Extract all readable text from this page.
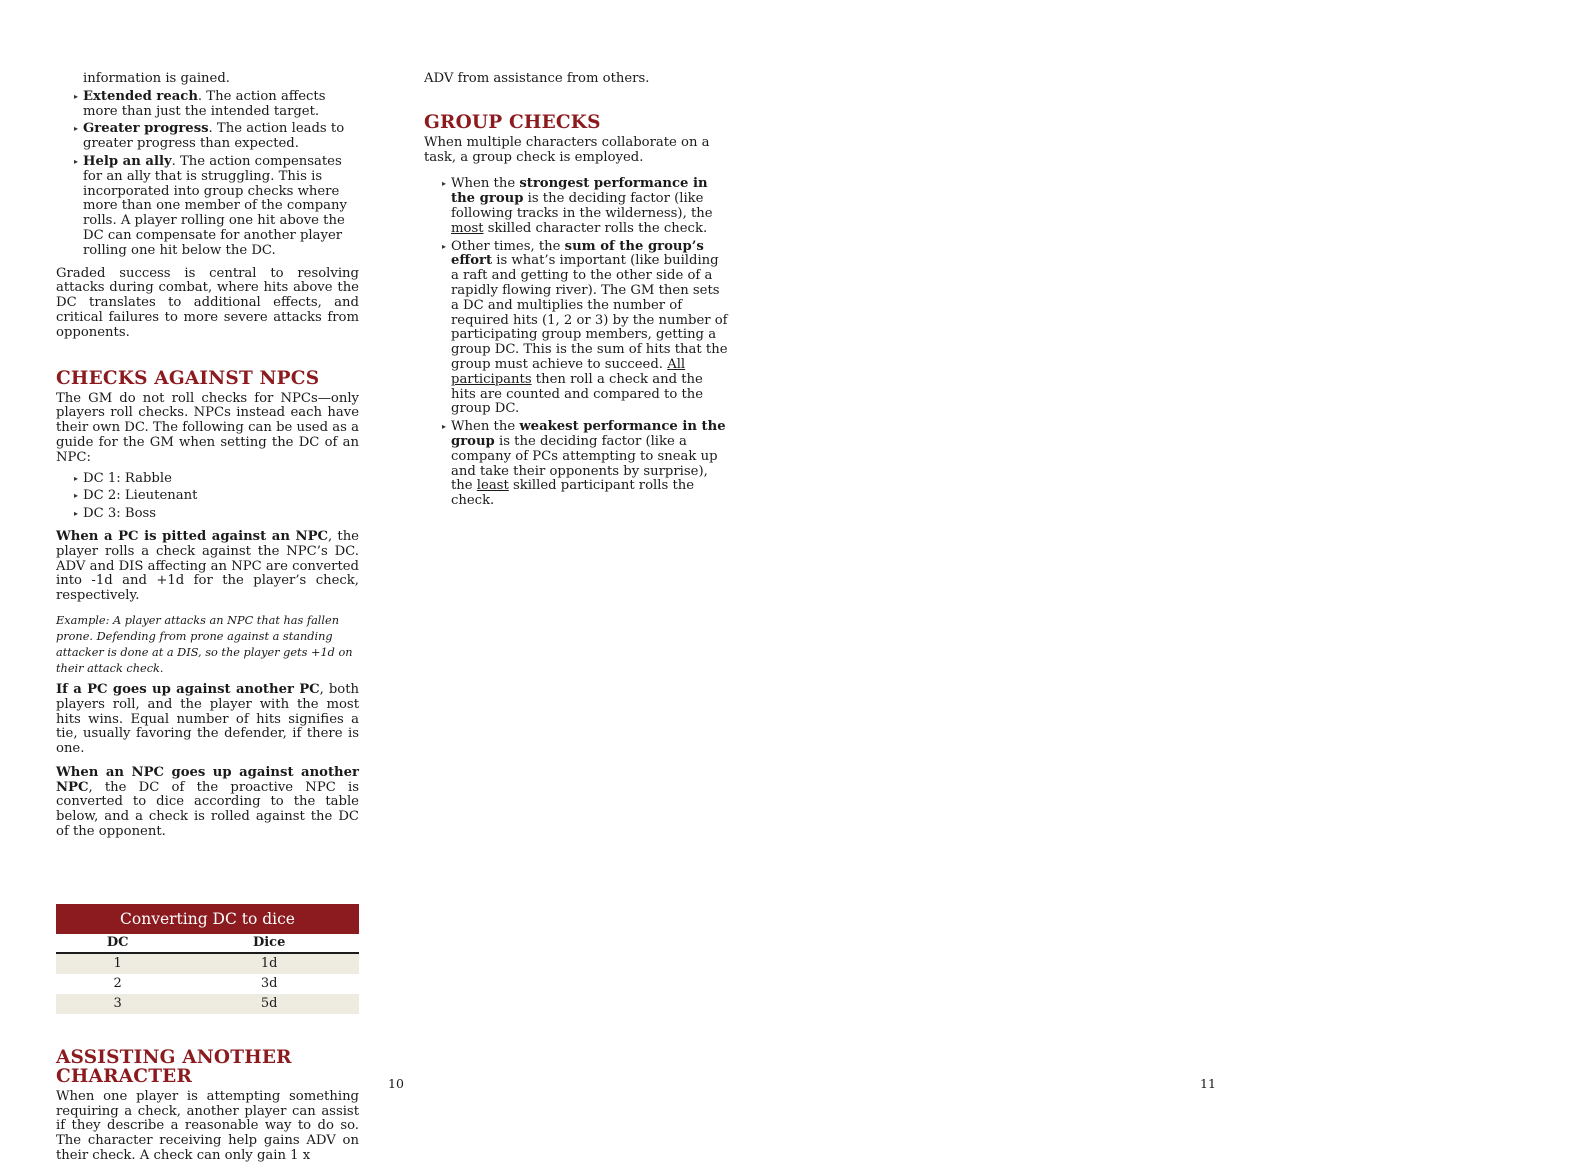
information is gained.
▸ Extended reach. The action affects more than just the intended target.
▸ Greater progress. The action leads to greater progress than expected.
▸ Help an ally. The action compensates for an ally that is struggling. This is incorporated into group checks where more than one member of the company rolls. A player rolling one hit above the DC can compensate for another player rolling one hit below the DC.

Graded success is central to resolving attacks during combat, where hits above the DC translates to additional effects, and critical failures to more severe attacks from opponents.

CHECKS AGAINST NPCS

The GM do not roll checks for NPCs—only players roll checks. NPCs instead each have their own DC. The following can be used as a guide for the GM when setting the DC of an NPC:

▸ DC 1: Rabble
▸ DC 2: Lieutenant
▸ DC 3: Boss

When a PC is pitted against an NPC, the player rolls a check against the NPC’s DC. ADV and DIS affecting an NPC are converted into -1d and +1d for the player’s check, respectively.

Example: A player attacks an NPC that has fallen prone. Defending from prone against a standing attacker is done at a DIS, so the player gets +1d on their attack check.

If a PC goes up against another PC, both players roll, and the player with the most hits wins. Equal number of hits signifies a tie, usually favoring the defender, if there is one.

When an NPC goes up against another NPC, the DC of the proactive NPC is converted to dice according to the table below, and a check is rolled against the DC of the opponent.

Converting DC to dice	
DC	Dice
1	1d
2	3d
3	5d
ASSISTING ANOTHER CHARACTER

When one player is attempting something requiring a check, another player can assist if they describe a reasonable way to do so. The character receiving help gains ADV on their check. A check can only gain 1 x

ADV from assistance from others.

GROUP CHECKS

When multiple characters collaborate on a task, a group check is employed.

▸ When the strongest performance in the group is the deciding factor (like following tracks in the wilderness), the most skilled character rolls the check.
▸ Other times, the sum of the group’s effort is what’s important (like building a raft and getting to the other side of a rapidly flowing river). The GM then sets a DC and multiplies the number of required hits (1, 2 or 3) by the number of participating group members, getting a group DC. This is the sum of hits that the group must achieve to succeed. All participants then roll a check and the hits are counted and compared to the group DC.
▸ When the weakest performance in the group is the deciding factor (like a company of PCs attempting to sneak up and take their opponents by surprise), the least skilled participant rolls the check.
10	11
